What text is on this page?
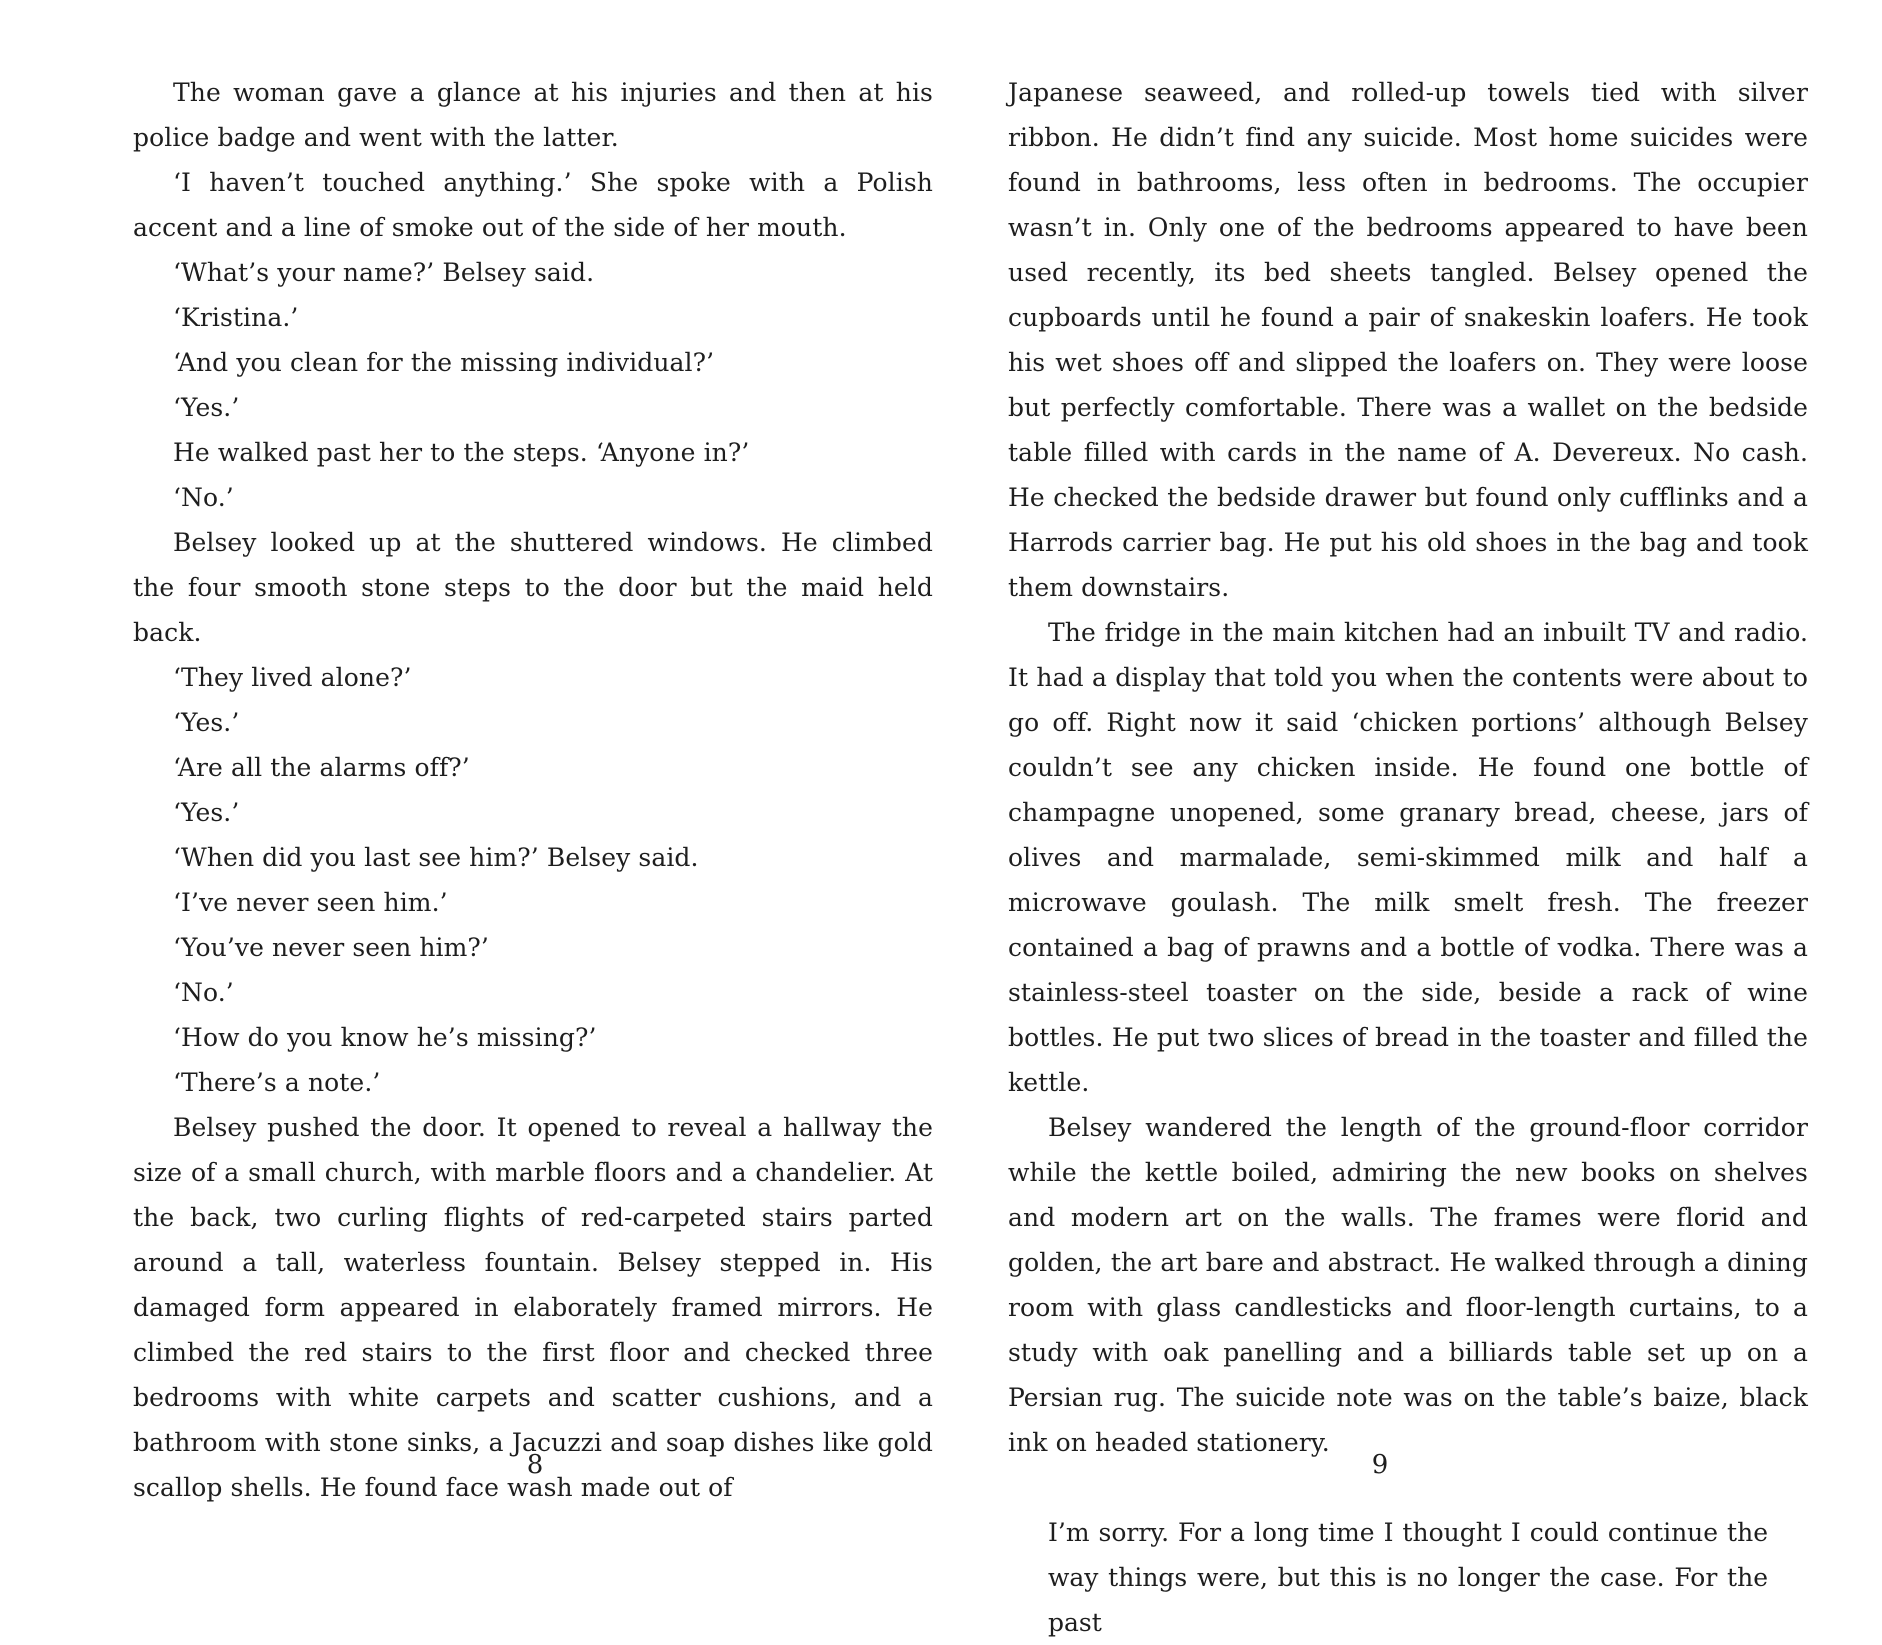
The woman gave a glance at his injuries and then at his police badge and went with the latter.

‘I haven’t touched anything.’ She spoke with a Polish accent and a line of smoke out of the side of her mouth.

‘What’s your name?’ Belsey said.

‘Kristina.’

‘And you clean for the missing individual?’

‘Yes.’

He walked past her to the steps. ‘Anyone in?’

‘No.’

Belsey looked up at the shuttered windows. He climbed the four smooth stone steps to the door but the maid held back.

‘They lived alone?’

‘Yes.’

‘Are all the alarms off?’

‘Yes.’

‘When did you last see him?’ Belsey said.

‘I’ve never seen him.’

‘You’ve never seen him?’

‘No.’

‘How do you know he’s missing?’

‘There’s a note.’

Belsey pushed the door. It opened to reveal a hallway the size of a small church, with marble floors and a chandelier. At the back, two curling flights of red-carpeted stairs parted around a tall, waterless fountain. Belsey stepped in. His damaged form appeared in elaborately framed mirrors. He climbed the red stairs to the first floor and checked three bedrooms with white carpets and scatter cushions, and a bathroom with stone sinks, a Jacuzzi and soap dishes like gold scallop shells. He found face wash made out of

Japanese seaweed, and rolled-up towels tied with silver ribbon. He didn’t find any suicide. Most home suicides were found in bathrooms, less often in bedrooms. The occupier wasn’t in. Only one of the bedrooms appeared to have been used recently, its bed sheets tangled. Belsey opened the cupboards until he found a pair of snakeskin loafers. He took his wet shoes off and slipped the loafers on. They were loose but perfectly comfortable. There was a wallet on the bedside table filled with cards in the name of A. Devereux. No cash. He checked the bedside drawer but found only cufflinks and a Harrods carrier bag. He put his old shoes in the bag and took them downstairs.

The fridge in the main kitchen had an inbuilt TV and radio. It had a display that told you when the contents were about to go off. Right now it said ‘chicken portions’ although Belsey couldn’t see any chicken inside. He found one bottle of champagne unopened, some granary bread, cheese, jars of olives and marmalade, semi-skimmed milk and half a microwave goulash. The milk smelt fresh. The freezer contained a bag of prawns and a bottle of vodka. There was a stainless-steel toaster on the side, beside a rack of wine bottles. He put two slices of bread in the toaster and filled the kettle.

Belsey wandered the length of the ground-floor corridor while the kettle boiled, admiring the new books on shelves and modern art on the walls. The frames were florid and golden, the art bare and abstract. He walked through a dining room with glass candlesticks and floor-length curtains, to a study with oak panelling and a billiards table set up on a Persian rug. The suicide note was on the table’s baize, black ink on headed stationery.

I’m sorry. For a long time I thought I could continue the way things were, but this is no longer the case. For the past

8	9
